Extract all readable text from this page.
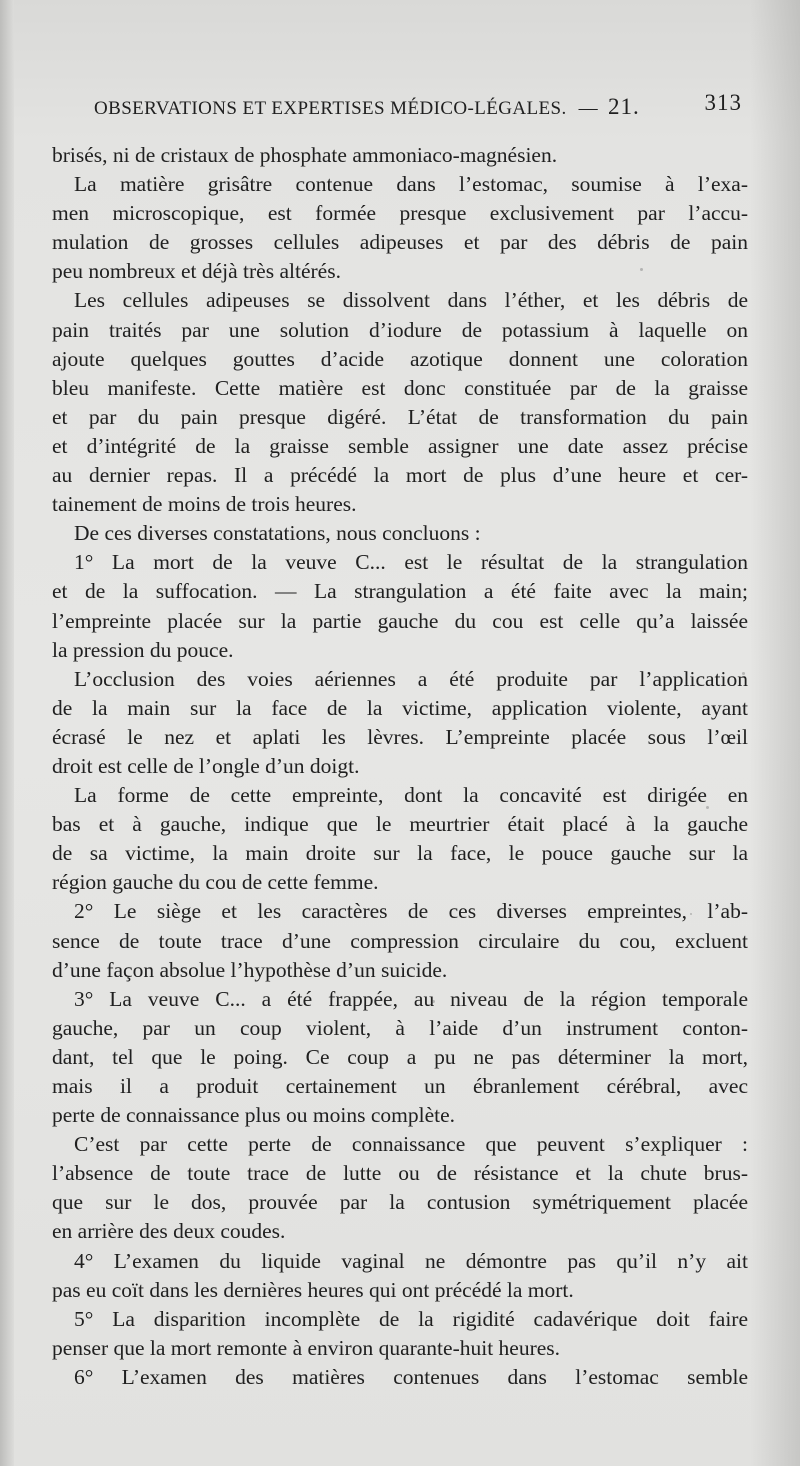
OBSERVATIONS ET EXPERTISES MÉDICO-LÉGALES. — 21.	313
brisés, ni de cristaux de phosphate ammoniaco-magnésien.
La matière grisâtre contenue dans l’estomac, soumise à l’exa-
men microscopique, est formée presque exclusivement par l’accu-
mulation de grosses cellules adipeuses et par des débris de pain
peu nombreux et déjà très altérés.
Les cellules adipeuses se dissolvent dans l’éther, et les débris de
pain traités par une solution d’iodure de potassium à laquelle on
ajoute quelques gouttes d’acide azotique donnent une coloration
bleu manifeste. Cette matière est donc constituée par de la graisse
et par du pain presque digéré. L’état de transformation du pain
et d’intégrité de la graisse semble assigner une date assez précise
au dernier repas. Il a précédé la mort de plus d’une heure et cer-
tainement de moins de trois heures.
De ces diverses constatations, nous concluons :
1° La mort de la veuve C... est le résultat de la strangulation
et de la suffocation. — La strangulation a été faite avec la main;
l’empreinte placée sur la partie gauche du cou est celle qu’a laissée
la pression du pouce.
L’occlusion des voies aériennes a été produite par l’application
de la main sur la face de la victime, application violente, ayant
écrasé le nez et aplati les lèvres. L’empreinte placée sous l’œil
droit est celle de l’ongle d’un doigt.
La forme de cette empreinte, dont la concavité est dirigée en
bas et à gauche, indique que le meurtrier était placé à la gauche
de sa victime, la main droite sur la face, le pouce gauche sur la
région gauche du cou de cette femme.
2° Le siège et les caractères de ces diverses empreintes, l’ab-
sence de toute trace d’une compression circulaire du cou, excluent
d’une façon absolue l’hypothèse d’un suicide.
3° La veuve C... a été frappée, au niveau de la région temporale
gauche, par un coup violent, à l’aide d’un instrument conton-
dant, tel que le poing. Ce coup a pu ne pas déterminer la mort,
mais il a produit certainement un ébranlement cérébral, avec
perte de connaissance plus ou moins complète.
C’est par cette perte de connaissance que peuvent s’expliquer :
l’absence de toute trace de lutte ou de résistance et la chute brus-
que sur le dos, prouvée par la contusion symétriquement placée
en arrière des deux coudes.
4° L’examen du liquide vaginal ne démontre pas qu’il n’y ait
pas eu coït dans les dernières heures qui ont précédé la mort.
5° La disparition incomplète de la rigidité cadavérique doit faire
penser que la mort remonte à environ quarante-huit heures.
6° L’examen des matières contenues dans l’estomac semble
